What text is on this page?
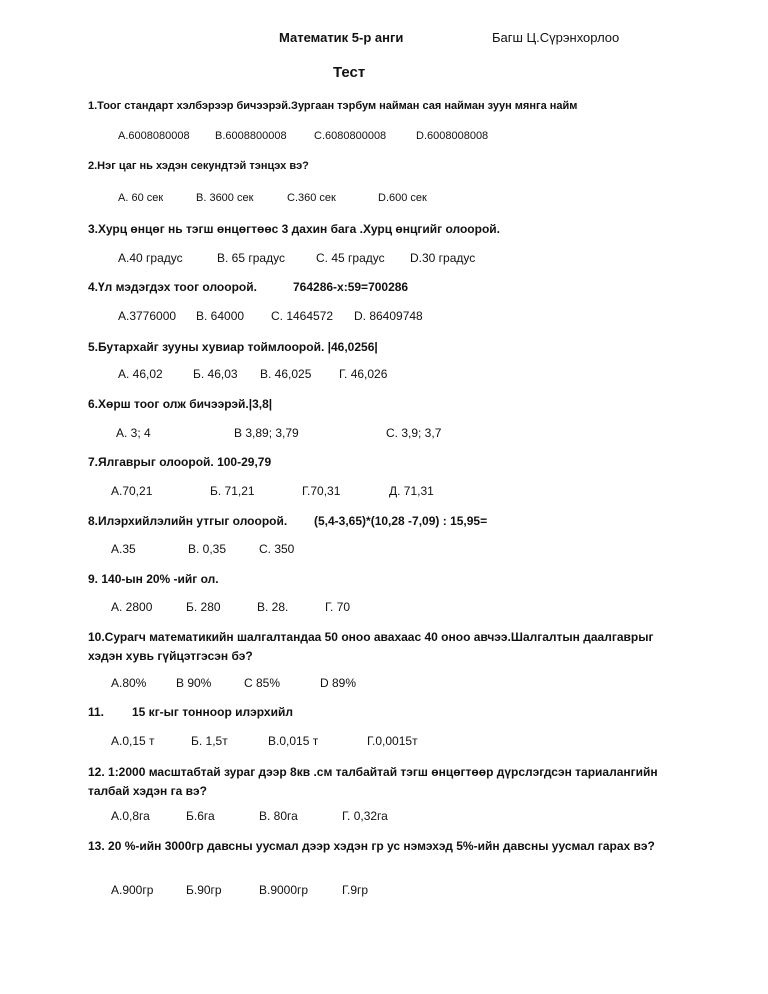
Математик 5-р анги	Багш Ц.Сүрэнхорлоо
Тест
1.Тоог стандарт хэлбэрээр бичээрэй.Зургаан тэрбум найман сая найман зуун мянга найм
A.6008080008 B.6008800008 C.6080800008	D.6008008008
2.Нэг цаг нь хэдэн секундтэй тэнцэх вэ?
A. 60 сек	B. 3600 сек	C.360 сек	D.600 сек
3.Хурц өнцөг нь тэгш өнцөгтөөс 3 дахин бага .Хурц өнцгийг олоорой.
A.40 градус	B. 65 градус	C. 45 градус D.30 градус
4.Үл мэдэгдэх тоог олоорой.	764286-x:59=700286
A.3776000 B. 64000 C. 1464572 D. 86409748
5.Бутархайг зууны хувиар тоймлоорой. |46,0256|
A. 46,02	Б. 46,03 B. 46,025 Г. 46,026
6.Хөрш тоог олж бичээрэй.|3,8|
A. 3; 4	B 3,89; 3,79	C. 3,9; 3,7
7.Ялгаврыг олоорой. 100-29,79
A.70,21	Б. 71,21	Г.70,31	Д. 71,31
8.Илэрхийлэлийн утгыг олоорой. (5,4-3,65)*(10,28 -7,09) : 15,95=
A.35	B. 0,35	C. 350
9. 140-ын 20% -ийг ол.
A. 2800	Б. 280	B. 28.	Г. 70
10.Сурагч математикийн шалгалтандаа 50 оноо авахаас 40 оноо авчээ.Шалгалтын даалгаврыг хэдэн хувь гүйцэтгэсэн бэ?
A.80% B 90%	C 85%	D 89%
11. 15 кг-ыг тонноор илэрхийл
A.0,15 т	Б. 1,5т	B.0,015 т	Г.0,0015т
12. 1:2000 масштабтай зураг дээр 8кв .см талбайтай тэгш өнцөгтөөр дүрслэгдсэн тариалангийн талбай хэдэн га вэ?
A.0,8га	Б.6га	B. 80га	Г. 0,32га
13. 20 %-ийн 3000гр давсны уусмал дээр хэдэн гр ус нэмэхэд 5%-ийн давсны уусмал гарах вэ?
A.900гр	Б.90гр	B.9000гр	Г.9гр
